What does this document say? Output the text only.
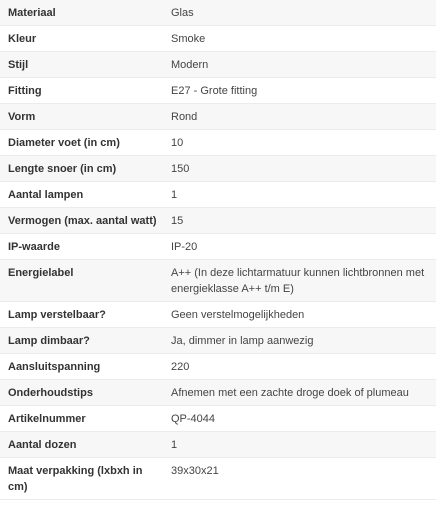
Materiaal	Glas
Kleur	Smoke
Stijl	Modern
Fitting	E27 - Grote fitting
Vorm	Rond
Diameter voet (in cm)	10
Lengte snoer (in cm)	150
Aantal lampen	1
Vermogen (max. aantal watt)	15
IP-waarde	IP-20
Energielabel	A++ (In deze lichtarmatuur kunnen lichtbronnen met energieklasse A++ t/m E)
Lamp verstelbaar?	Geen verstelmogelijkheden
Lamp dimbaar?	Ja, dimmer in lamp aanwezig
Aansluitspanning	220
Onderhoudstips	Afnemen met een zachte droge doek of plumeau
Artikelnummer	QP-4044
Aantal dozen	1
Maat verpakking (lxbxh in cm)	39x30x21
